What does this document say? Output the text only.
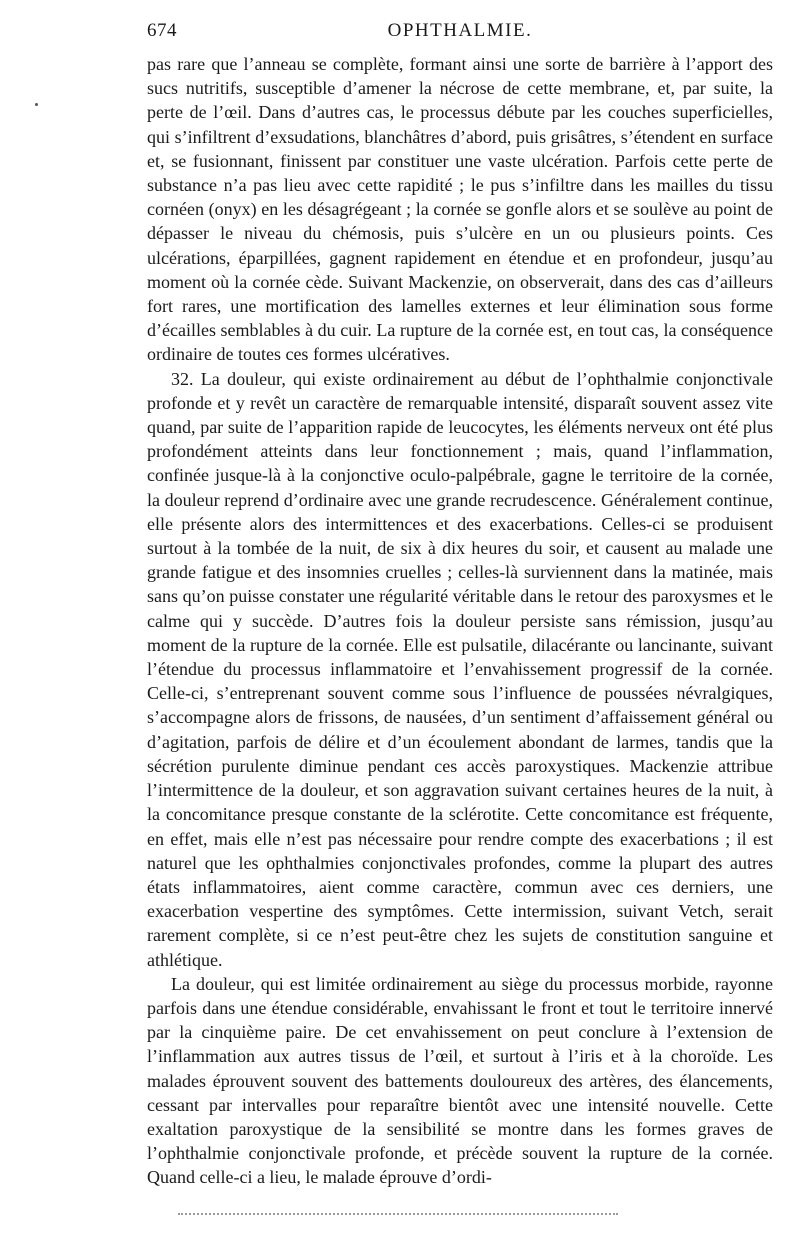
674	OPHTHALMIE.

pas rare que l’anneau se complète, formant ainsi une sorte de barrière à l’apport des sucs nutritifs, susceptible d’amener la nécrose de cette membrane, et, par suite, la perte de l’œil. Dans d’autres cas, le processus débute par les couches superficielles, qui s’infiltrent d’exsudations, blanchâtres d’abord, puis grisâtres, s’étendent en surface et, se fusionnant, finissent par constituer une vaste ulcération. Parfois cette perte de substance n’a pas lieu avec cette rapidité ; le pus s’infiltre dans les mailles du tissu cornéen (onyx) en les désagrégeant ; la cornée se gonfle alors et se soulève au point de dépasser le niveau du chémosis, puis s’ulcère en un ou plusieurs points. Ces ulcérations, éparpillées, gagnent rapidement en étendue et en profondeur, jusqu’au moment où la cornée cède. Suivant Mackenzie, on observerait, dans des cas d’ailleurs fort rares, une mortification des lamelles externes et leur élimination sous forme d’écailles semblables à du cuir. La rupture de la cornée est, en tout cas, la conséquence ordinaire de toutes ces formes ulcératives.

32. La douleur, qui existe ordinairement au début de l’ophthalmie conjonctivale profonde et y revêt un caractère de remarquable intensité, disparaît souvent assez vite quand, par suite de l’apparition rapide de leucocytes, les éléments nerveux ont été plus profondément atteints dans leur fonctionnement ; mais, quand l’inflammation, confinée jusque-là à la conjonctive oculo-palpébrale, gagne le territoire de la cornée, la douleur reprend d’ordinaire avec une grande recrudescence. Généralement continue, elle présente alors des intermittences et des exacerbations. Celles-ci se produisent surtout à la tombée de la nuit, de six à dix heures du soir, et causent au malade une grande fatigue et des insomnies cruelles ; celles-là surviennent dans la matinée, mais sans qu’on puisse constater une régularité véritable dans le retour des paroxysmes et le calme qui y succède. D’autres fois la douleur persiste sans rémission, jusqu’au moment de la rupture de la cornée. Elle est pulsatile, dilacérante ou lancinante, suivant l’étendue du processus inflammatoire et l’envahissement progressif de la cornée. Celle-ci, s’entreprenant souvent comme sous l’influence de poussées névralgiques, s’accompagne alors de frissons, de nausées, d’un sentiment d’affaissement général ou d’agitation, parfois de délire et d’un écoulement abondant de larmes, tandis que la sécrétion purulente diminue pendant ces accès paroxystiques. Mackenzie attribue l’intermittence de la douleur, et son aggravation suivant certaines heures de la nuit, à la concomitance presque constante de la sclérotite. Cette concomitance est fréquente, en effet, mais elle n’est pas nécessaire pour rendre compte des exacerbations ; il est naturel que les ophthalmies conjonctivales profondes, comme la plupart des autres états inflammatoires, aient comme caractère, commun avec ces derniers, une exacerbation vespertine des symptômes. Cette intermission, suivant Vetch, serait rarement complète, si ce n’est peut-être chez les sujets de constitution sanguine et athlétique.

La douleur, qui est limitée ordinairement au siège du processus morbide, rayonne parfois dans une étendue considérable, envahissant le front et tout le territoire innervé par la cinquième paire. De cet envahissement on peut conclure à l’extension de l’inflammation aux autres tissus de l’œil, et surtout à l’iris et à la choroïde. Les malades éprouvent souvent des battements douloureux des artères, des élancements, cessant par intervalles pour reparaître bientôt avec une intensité nouvelle. Cette exaltation paroxystique de la sensibilité se montre dans les formes graves de l’ophthalmie conjonctivale profonde, et précède souvent la rupture de la cornée. Quand celle-ci a lieu, le malade éprouve d’ordi-
